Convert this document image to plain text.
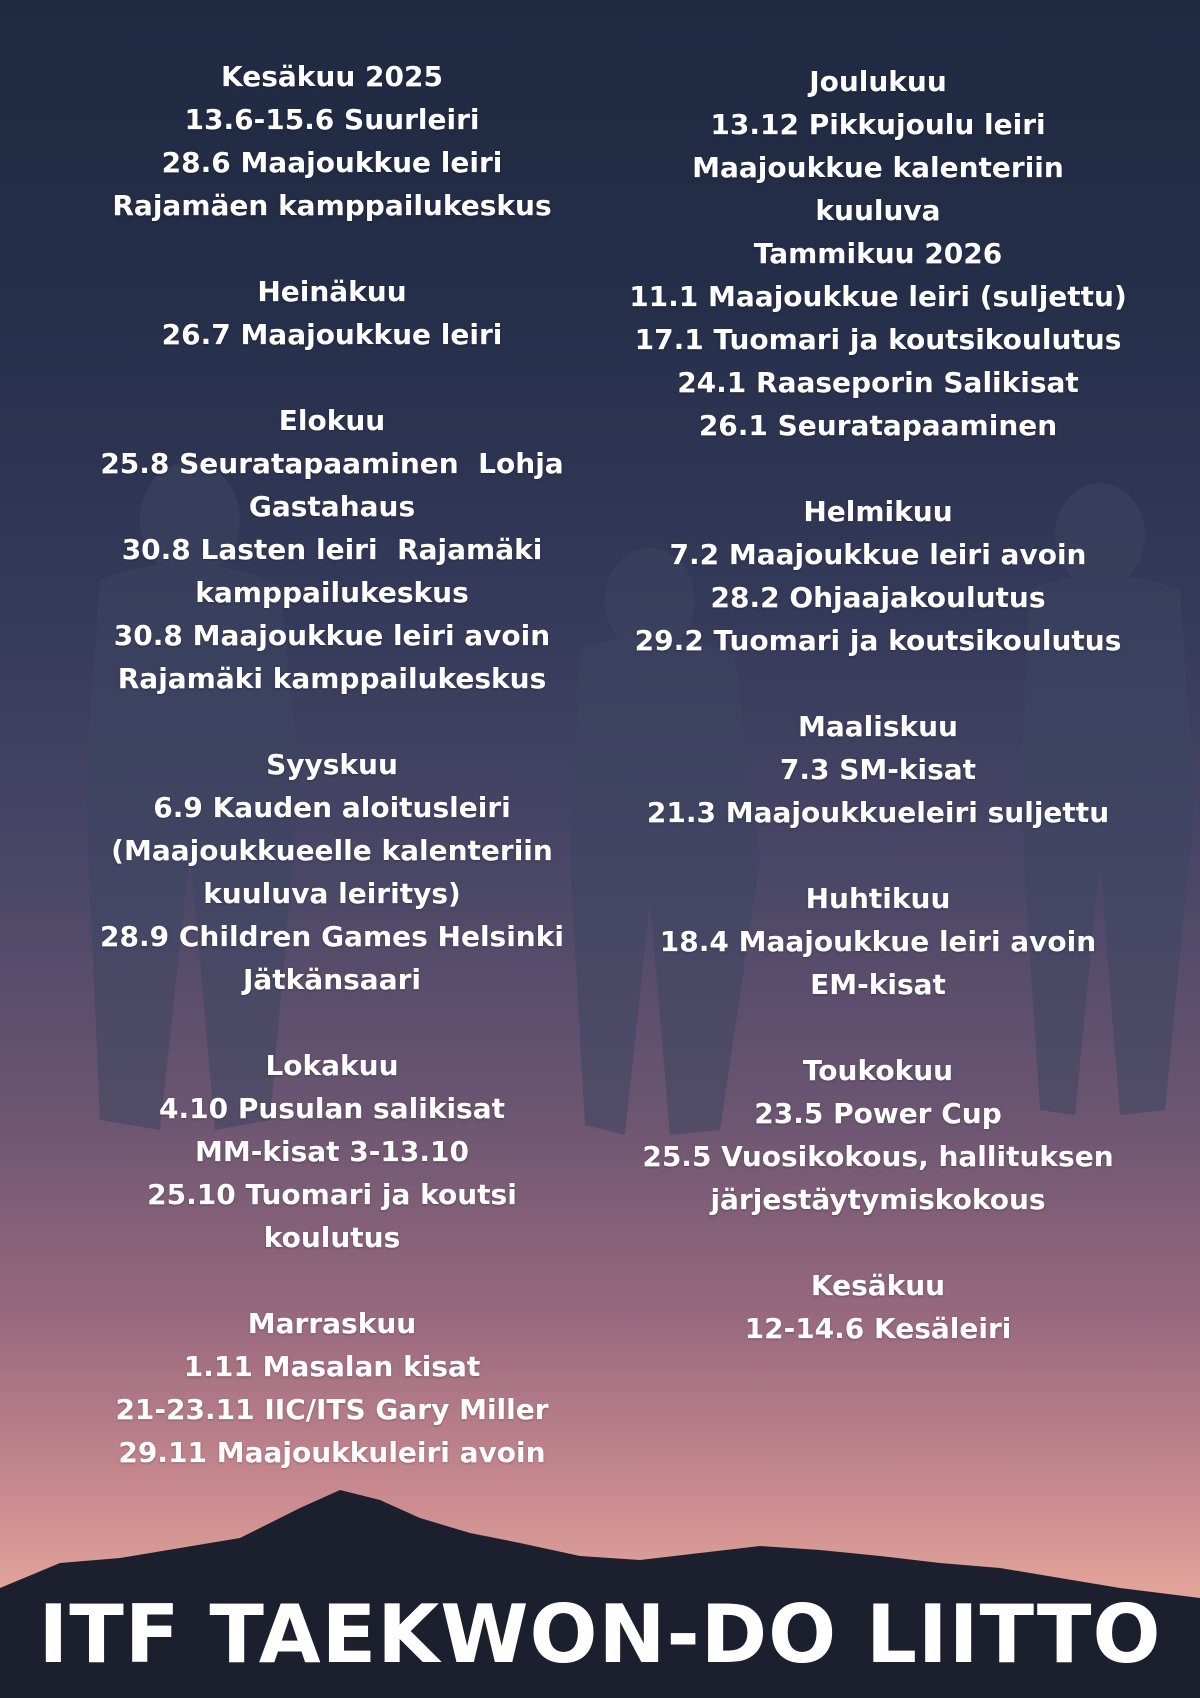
Kesäkuu 2025
13.6-15.6 Suurleiri
28.6 Maajoukkue leiri
Rajamäen kamppailukeskus
Heinäkuu
26.7 Maajoukkue leiri
Elokuu
25.8 Seuratapaaminen  Lohja
Gastahaus
30.8 Lasten leiri  Rajamäki
kamppailukeskus
30.8 Maajoukkue leiri avoin
Rajamäki kamppailukeskus
Syyskuu
6.9 Kauden aloitusleiri
(Maajoukkueelle kalenteriin
kuuluva leiritys)
28.9 Children Games Helsinki
Jätkänsaari
Lokakuu
4.10 Pusulan salikisat
MM-kisat 3-13.10
25.10 Tuomari ja koutsi
koulutus
Marraskuu
1.11 Masalan kisat
21-23.11 IIC/ITS Gary Miller
29.11 Maajoukkuleiri avoin
Joulukuu
13.12 Pikkujoulu leiri
Maajoukkue kalenteriin
kuuluva
Tammikuu 2026
11.1 Maajoukkue leiri (suljettu)
17.1 Tuomari ja koutsikoulutus
24.1 Raaseporin Salikisat
26.1 Seuratapaaminen
Helmikuu
7.2 Maajoukkue leiri avoin
28.2 Ohjaajakoulutus
29.2 Tuomari ja koutsikoulutus
Maaliskuu
7.3 SM-kisat
21.3 Maajoukkueleiri suljettu
Huhtikuu
18.4 Maajoukkue leiri avoin
EM-kisat
Toukokuu
23.5 Power Cup
25.5 Vuosikokous, hallituksen
järjestäytymiskokous
Kesäkuu
12-14.6 Kesäleiri
ITF TAEKWON-DO LIITTO
